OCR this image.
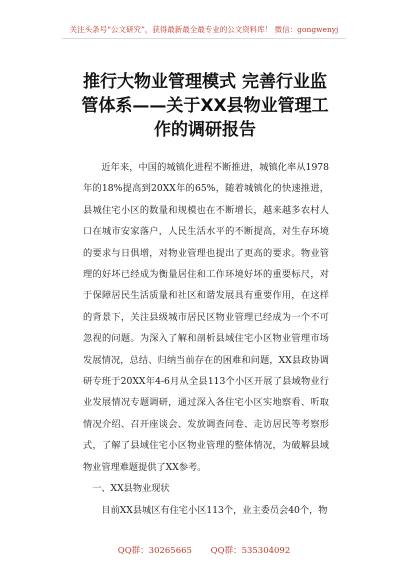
关注头条号“公文研究”，获得最新最全最专业的公文资料库！ 微信：gongwenyj
推行大物业管理模式 完善行业监管体系——关于XX县物业管理工作的调研报告

近年来，中国的城镇化进程不断推进，城镇化率从1978年的18%提高到20XX年的65%，随着城镇化的快速推进，县城住宅小区的数量和规模也在不断增长，越来越多农村人口在城市安家落户，人民生活水平的不断提高，对生存环境的要求与日俱增，对物业管理也提出了更高的要求。物业管理的好坏已经成为衡量居住和工作环境好坏的重要标尺，对于保障居民生活质量和社区和谐发展具有重要作用，在这样的背景下，关注县级城市居民区物业管理已经成为一个不可忽视的问题。为深入了解和剖析县域住宅小区物业管理市场发展情况，总结、归纳当前存在的困难和问题，XX县政协调研专班于20XX年4-6月从全县113个小区开展了县域物业行业发展情况专题调研，通过深入各住宅小区实地察看、听取情况介绍、召开座谈会、发放调查问卷、走访居民等考察形式，了解了县域住宅小区物业管理的整体情况，为破解县域物业管理难题提供了XX参考。

一、XX县物业现状

目前XX县城区有住宅小区113个，业主委员会40个，物

QQ群：30265665 QQ群：535304092
